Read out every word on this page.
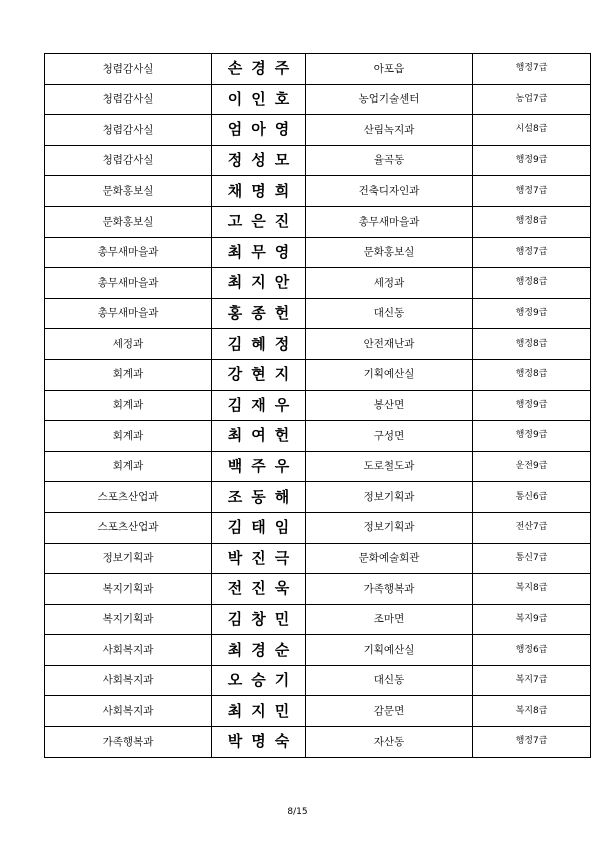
청렴감사실	손경주	아포읍	행정7급
청렴감사실	이인호	농업기술센터	농업7급
청렴감사실	엄아영	산림녹지과	시설8급
청렴감사실	정성모	율곡동	행정9급
문화홍보실	채명희	건축디자인과	행정7급
문화홍보실	고은진	총무새마을과	행정8급
총무새마을과	최무영	문화홍보실	행정7급
총무새마을과	최지안	세정과	행정8급
총무새마을과	홍종헌	대신동	행정9급
세정과	김혜정	안전재난과	행정8급
회계과	강현지	기획예산실	행정8급
회계과	김재우	봉산면	행정9급
회계과	최여헌	구성면	행정9급
회계과	백주우	도로철도과	운전9급
스포츠산업과	조동해	정보기획과	통신6급
스포츠산업과	김태임	정보기획과	전산7급
정보기획과	박진극	문화예술회관	통신7급
복지기획과	전진욱	가족행복과	복지8급
복지기획과	김창민	조마면	복지9급
사회복지과	최경순	기획예산실	행정6급
사회복지과	오승기	대신동	복지7급
사회복지과	최지민	감문면	복지8급
가족행복과	박명숙	자산동	행정7급
8/15
